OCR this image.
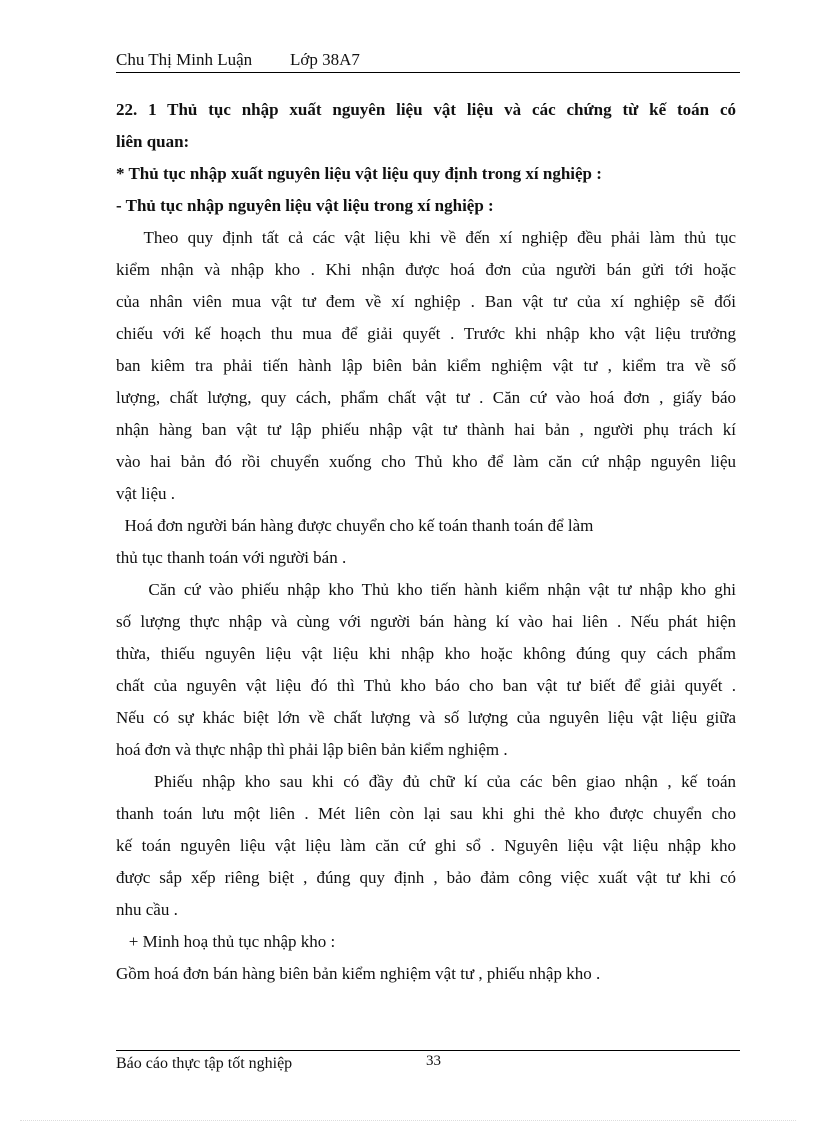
Chu Thị Minh Luận Lớp 38A7
22. 1 Thủ tục nhập xuất nguyên liệu vật liệu và các chứng từ kế toán có
liên quan:
* Thủ tục nhập xuất nguyên liệu vật liệu quy định trong xí nghiệp :
- Thủ tục nhập nguyên liệu vật liệu trong xí nghiệp :
Theo quy định tất cả các vật liệu khi về đến xí nghiệp đều phải làm thủ tục
kiểm nhận và nhập kho . Khi nhận được hoá đơn của người bán gửi tới hoặc
của nhân viên mua vật tư đem về xí nghiệp . Ban vật tư của xí nghiệp sẽ đối
chiếu với kế hoạch thu mua để giải quyết . Trước khi nhập kho vật liệu trưởng
ban kiêm tra phải tiến hành lập biên bản kiểm nghiệm vật tư , kiểm tra về số
lượng, chất lượng, quy cách, phẩm chất vật tư . Căn cứ vào hoá đơn , giấy báo
nhận hàng ban vật tư lập phiếu nhập vật tư thành hai bản , người phụ trách kí
vào hai bản đó rồi chuyển xuống cho Thủ kho để làm căn cứ nhập nguyên liệu
vật liệu .
Hoá đơn người bán hàng được chuyển cho kế toán thanh toán để làm
thủ tục thanh toán với người bán .
Căn cứ vào phiếu nhập kho Thủ kho tiến hành kiểm nhận vật tư nhập kho ghi
số lượng thực nhập và cùng với người bán hàng kí vào hai liên . Nếu phát hiện
thừa, thiếu nguyên liệu vật liệu khi nhập kho hoặc không đúng quy cách phẩm
chất của nguyên vật liệu đó thì Thủ kho báo cho ban vật tư biết để giải quyết .
Nếu có sự khác biệt lớn về chất lượng và số lượng của nguyên liệu vật liệu giữa
hoá đơn và thực nhập thì phải lập biên bản kiểm nghiệm .
Phiếu nhập kho sau khi có đầy đủ chữ kí của các bên giao nhận , kế toán
thanh toán lưu một liên . Mét liên còn lại sau khi ghi thẻ kho được chuyển cho
kế toán nguyên liệu vật liệu làm căn cứ ghi sổ . Nguyên liệu vật liệu nhập kho
được sắp xếp riêng biệt , đúng quy định , bảo đảm công việc xuất vật tư khi có
nhu cầu .
+ Minh hoạ thủ tục nhập kho :
Gồm hoá đơn bán hàng biên bản kiểm nghiệm vật tư , phiếu nhập kho .
Báo cáo thực tập tốt nghiệp	33
